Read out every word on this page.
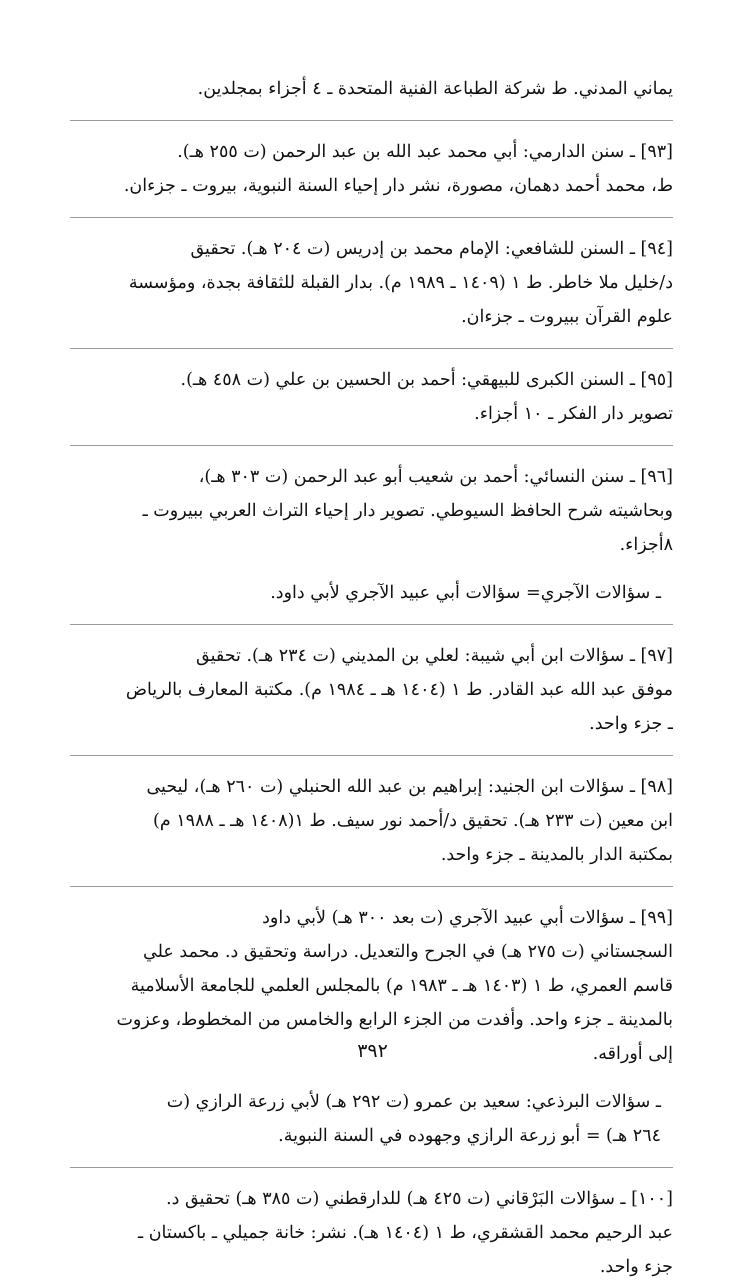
يماني المدني. ط شركة الطباعة الفنية المتحدة ـ ٤ أجزاء بمجلدين.
[٩٣] ـ سنن الدارمي: أبي محمد عبد الله بن عبد الرحمن (ت ٢٥٥ هـ).
ط، محمد أحمد دهمان، مصورة، نشر دار إحياء السنة النبوية، بيروت ـ جزءان.
[٩٤] ـ السنن للشافعي: الإمام محمد بن إدريس (ت ٢٠٤ هـ). تحقيق
د/خليل ملا خاطر. ط ١ (١٤٠٩ ـ ١٩٨٩ م). بدار القبلة للثقافة بجدة، ومؤسسة
علوم القرآن ببيروت ـ جزءان.
[٩٥] ـ السنن الكبرى للبيهقي: أحمد بن الحسين بن علي (ت ٤٥٨ هـ).
تصوير دار الفكر ـ ١٠ أجزاء.
[٩٦] ـ سنن النسائي: أحمد بن شعيب أبو عبد الرحمن (ت ٣٠٣ هـ)،
وبحاشيته شرح الحافظ السيوطي. تصوير دار إحياء التراث العربي ببيروت ـ
٨أجزاء.
ـ سؤالات الآجري= سؤالات أبي عبيد الآجري لأبي داود.
[٩٧] ـ سؤالات ابن أبي شيبة: لعلي بن المديني (ت ٢٣٤ هـ). تحقيق
موفق عبد الله عبد القادر. ط ١ (١٤٠٤ هـ ـ ١٩٨٤ م). مكتبة المعارف بالرياض
ـ جزء واحد.
[٩٨] ـ سؤالات ابن الجنيد: إبراهيم بن عبد الله الحنبلي (ت ٢٦٠ هـ)، ليحيى
ابن معين (ت ٢٣٣ هـ). تحقيق د/أحمد نور سيف. ط ١(١٤٠٨ هـ ـ ١٩٨٨ م)
بمكتبة الدار بالمدينة ـ جزء واحد.
[٩٩] ـ سؤالات أبي عبيد الآجري (ت بعد ٣٠٠ هـ) لأبي داود
السجستاني (ت ٢٧٥ هـ) في الجرح والتعديل. دراسة وتحقيق د. محمد علي
قاسم العمري، ط ١ (١٤٠٣ هـ ـ ١٩٨٣ م) بالمجلس العلمي للجامعة الأسلامية
بالمدينة ـ جزء واحد. وأفدت من الجزء الرابع والخامس من المخطوط، وعزوت
إلى أوراقه.
ـ سؤالات البرذعي: سعيد بن عمرو (ت ٢٩٢ هـ) لأبي زرعة الرازي (ت
٢٦٤ هـ) = أبو زرعة الرازي وجهوده في السنة النبوية.
[١٠٠] ـ سؤالات البَرْقاني (ت ٤٢٥ هـ) للدارقطني (ت ٣٨٥ هـ) تحقيق د.
عبد الرحيم محمد القشقري، ط ١ (١٤٠٤ هـ). نشر: خانة جميلي ـ باكستان ـ
جزء واحد.
٣٩٢
